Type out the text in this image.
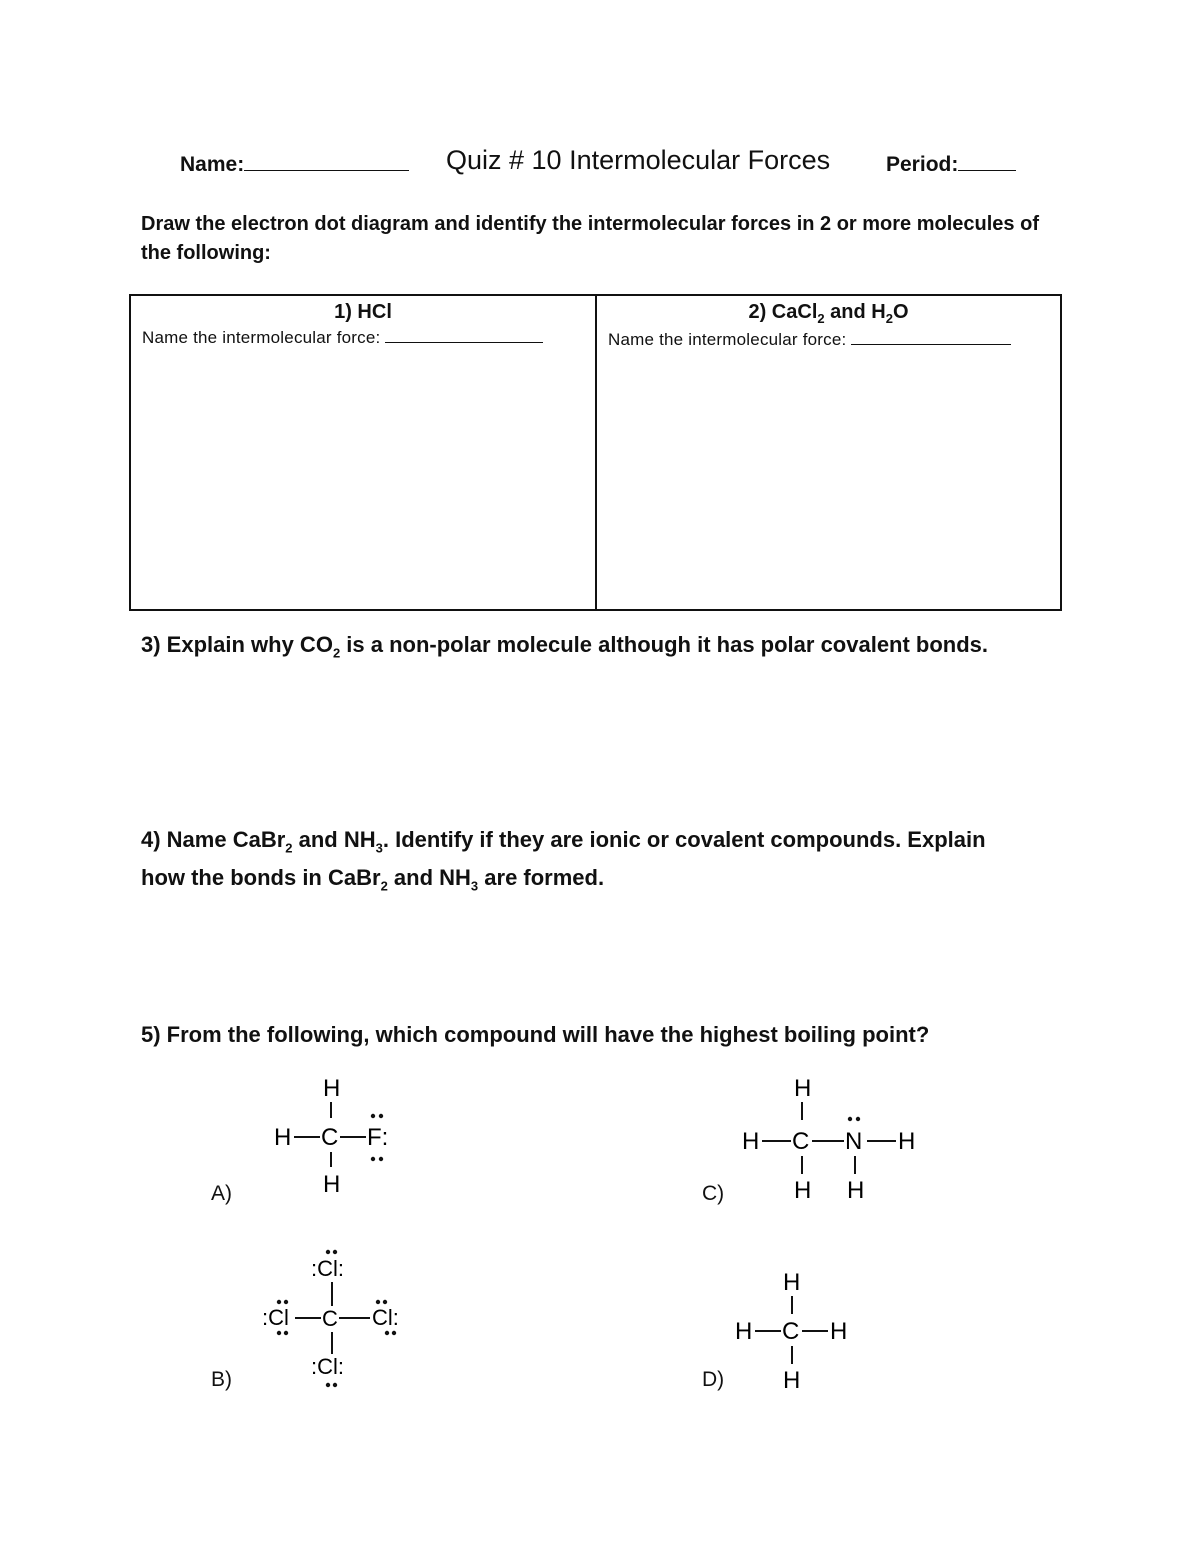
Name:	Quiz # 10 Intermolecular Forces	Period:
Draw the electron dot diagram and identify the intermolecular forces in 2 or more molecules of the following:
1) HCl
Name the intermolecular force:
2) CaCl$_2$ and $H_2O$
Name the intermolecular force:
3) Explain why $CO_2$ is a non-polar molecule although it has polar covalent bonds.
4) Name CaBr$_2$ and $NH_3$. Identify if they are ionic or covalent compounds. Explain
how the bonds in CaBr$_2$ and $NH_3$ are formed.
5) From the following, which compound will have the highest boiling point?
A)
B)
C)
D)
H
H C F:
H
:Cl:
:Cl C Cl:
:Cl:
H
H C N H
H H
H
H C H
H
